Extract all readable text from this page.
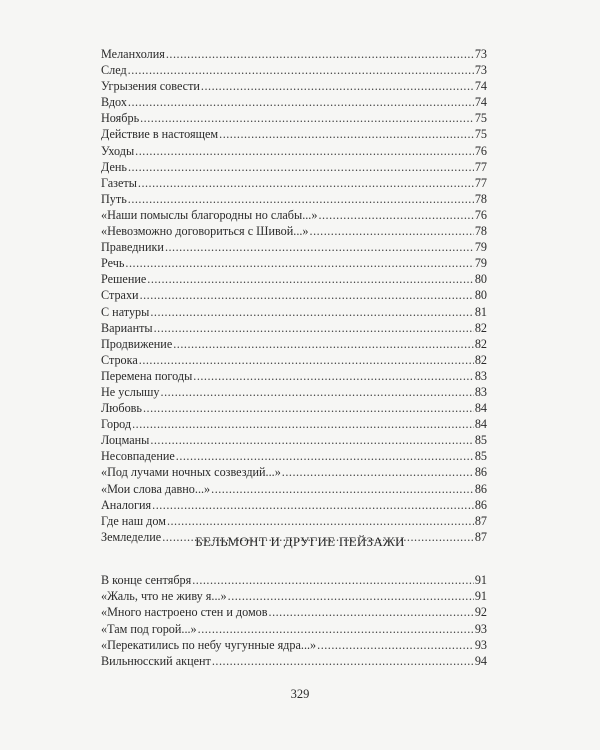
Меланхолия .....	73
След .....	73
Угрызения совести .....	74
Вдох .....	74
Ноябрь .....	75
Действие в настоящем .....	75
Уходы .....	76
День .....	77
Газеты .....	77
Путь .....	78
«Наши помыслы благородны но слабы...» .....	76
«Невозможно договориться с Шивой...» .....	78
Праведники .....	79
Речь .....	79
Решение .....	80
Страхи .....	80
С натуры .....	81
Варианты .....	82
Продвижение .....	82
Строка .....	82
Перемена погоды .....	83
Не услышу .....	83
Любовь .....	84
Город .....	84
Лоцманы .....	85
Несовпадение .....	85
«Под лучами ночных созвездий...» .....	86
«Мои слова давно...» .....	86
Аналогия .....	86
Где наш дом .....	87
Земледелие .....	87
БЕЛЬМОНТ И ДРУГИЕ ПЕЙЗАЖИ
В конце сентября .....	91
«Жаль, что не живу я...» .....	91
«Много настроено стен и домов .....	92
«Там под горой...» .....	93
«Перекатились по небу чугунные ядра...» .....	93
Вильнюсский акцент .....	94
329
